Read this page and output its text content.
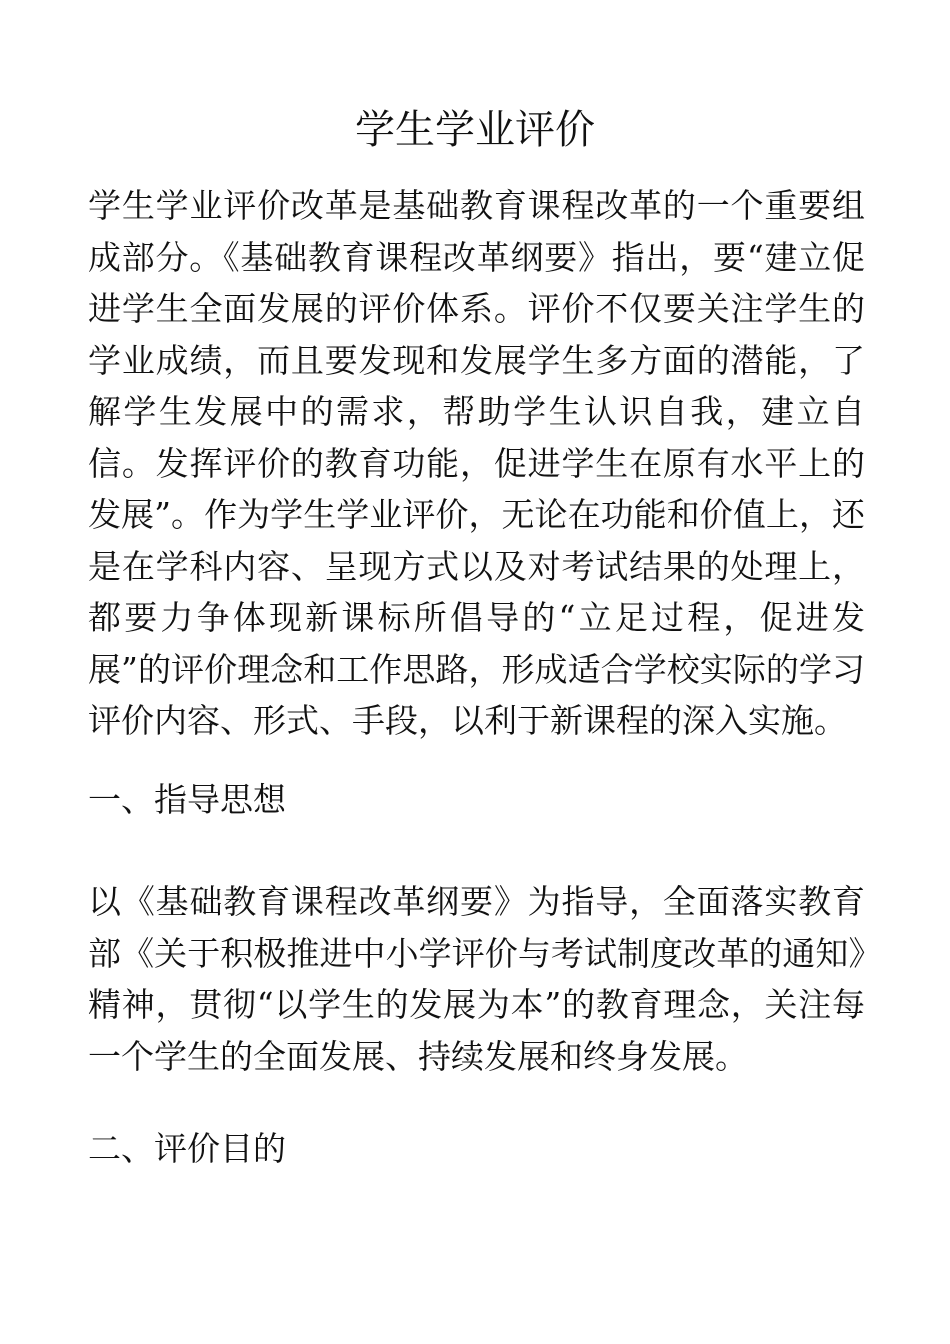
学生学业评价

学生学业评价改革是基础教育课程改革的一个重要组成部分。《基础教育课程改革纲要》指出，要“建立促进学生全面发展的评价体系。评价不仅要关注学生的学业成绩，而且要发现和发展学生多方面的潜能，了解学生发展中的需求，帮助学生认识自我，建立自信。发挥评价的教育功能，促进学生在原有水平上的发展”。作为学生学业评价，无论在功能和价值上，还是在学科内容、呈现方式以及对考试结果的处理上，都要力争体现新课标所倡导的“立足过程，促进发展”的评价理念和工作思路，形成适合学校实际的学习评价内容、形式、手段，以利于新课程的深入实施。

一、指导思想

以《基础教育课程改革纲要》为指导，全面落实教育部《关于积极推进中小学评价与考试制度改革的通知》精神，贯彻“以学生的发展为本”的教育理念，关注每一个学生的全面发展、持续发展和终身发展。

二、评价目的
